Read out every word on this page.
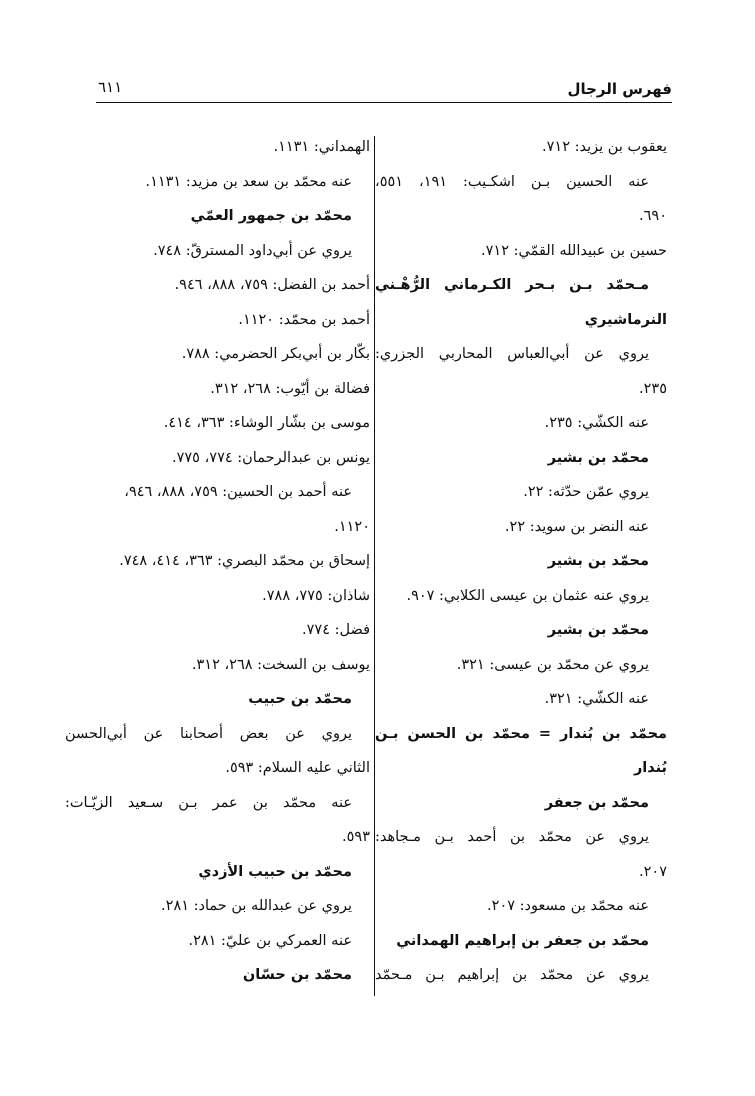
فهرس الرجال
٦١١
يعقوب بن يزيد: ٧١٢.
عنه الحسين بـن اشكـيب: ١٩١، ٥٥١،
٦٩٠.
حسين بن عبيدالله القمّي: ٧١٢.
مـحمّد بـن بـحر الكـرماني الرُّهْـني
النرماشيري
يروي عن أبي‌العباس المحاربي الجزري:
٢٣٥.
عنه الكشّي: ٢٣٥.
محمّد بن بشير
يروي عمّن حدّثه: ٢٢.
عنه النضر بن سويد: ٢٢.
محمّد بن بشير
يروي عنه عثمان بن عيسى الكلابي: ٩٠٧.
محمّد بن بشير
يروي عن محمّد بن عيسى: ٣٢١.
عنه الكشّي: ٣٢١.
محمّد بن بُندار = محمّد بن الحسن بـن
بُندار
محمّد بن جعفر
يروي عن محمّد بن أحمد بـن مـجاهد:
٢٠٧.
عنه محمّد بن مسعود: ٢٠٧.
محمّد بن جعفر بن إبراهيم الهمداني
يروي عن محمّد بن إبراهيم بـن مـحمّد
الهمداني: ١١٣١.
عنه محمّد بن سعد بن مزيد: ١١٣١.
محمّد بن جمهور العمّي
يروي عن أبي‌داود المسترقّ: ٧٤٨.
أحمد بن الفضل: ٧٥٩، ٨٨٨، ٩٤٦.
أحمد بن محمّد: ١١٢٠.
بكّار بن أبي‌بكر الحضرمي: ٧٨٨.
فضالة بن أيّوب: ٢٦٨، ٣١٢.
موسى بن بشّار الوشاء: ٣٦٣، ٤١٤.
يونس بن عبدالرحمان: ٧٧٤، ٧٧٥.
عنه أحمد بن الحسين: ٧٥٩، ٨٨٨، ٩٤٦،
١١٢٠.
إسحاق بن محمّد البصري: ٣٦٣، ٤١٤، ٧٤٨.
شاذان: ٧٧٥، ٧٨٨.
فضل: ٧٧٤.
يوسف بن السخت: ٢٦٨، ٣١٢.
محمّد بن حبيب
يروي عن بعض أصحابنا عن أبي‌الحسن
الثاني عليه السلام: ٥٩٣.
عنه محمّد بن عمر بـن سـعيد الزيّـات:
٥٩٣.
محمّد بن حبيب الأزدي
يروي عن عبدالله بن حماد: ٢٨١.
عنه العمركي بن عليّ: ٢٨١.
محمّد بن حسّان
